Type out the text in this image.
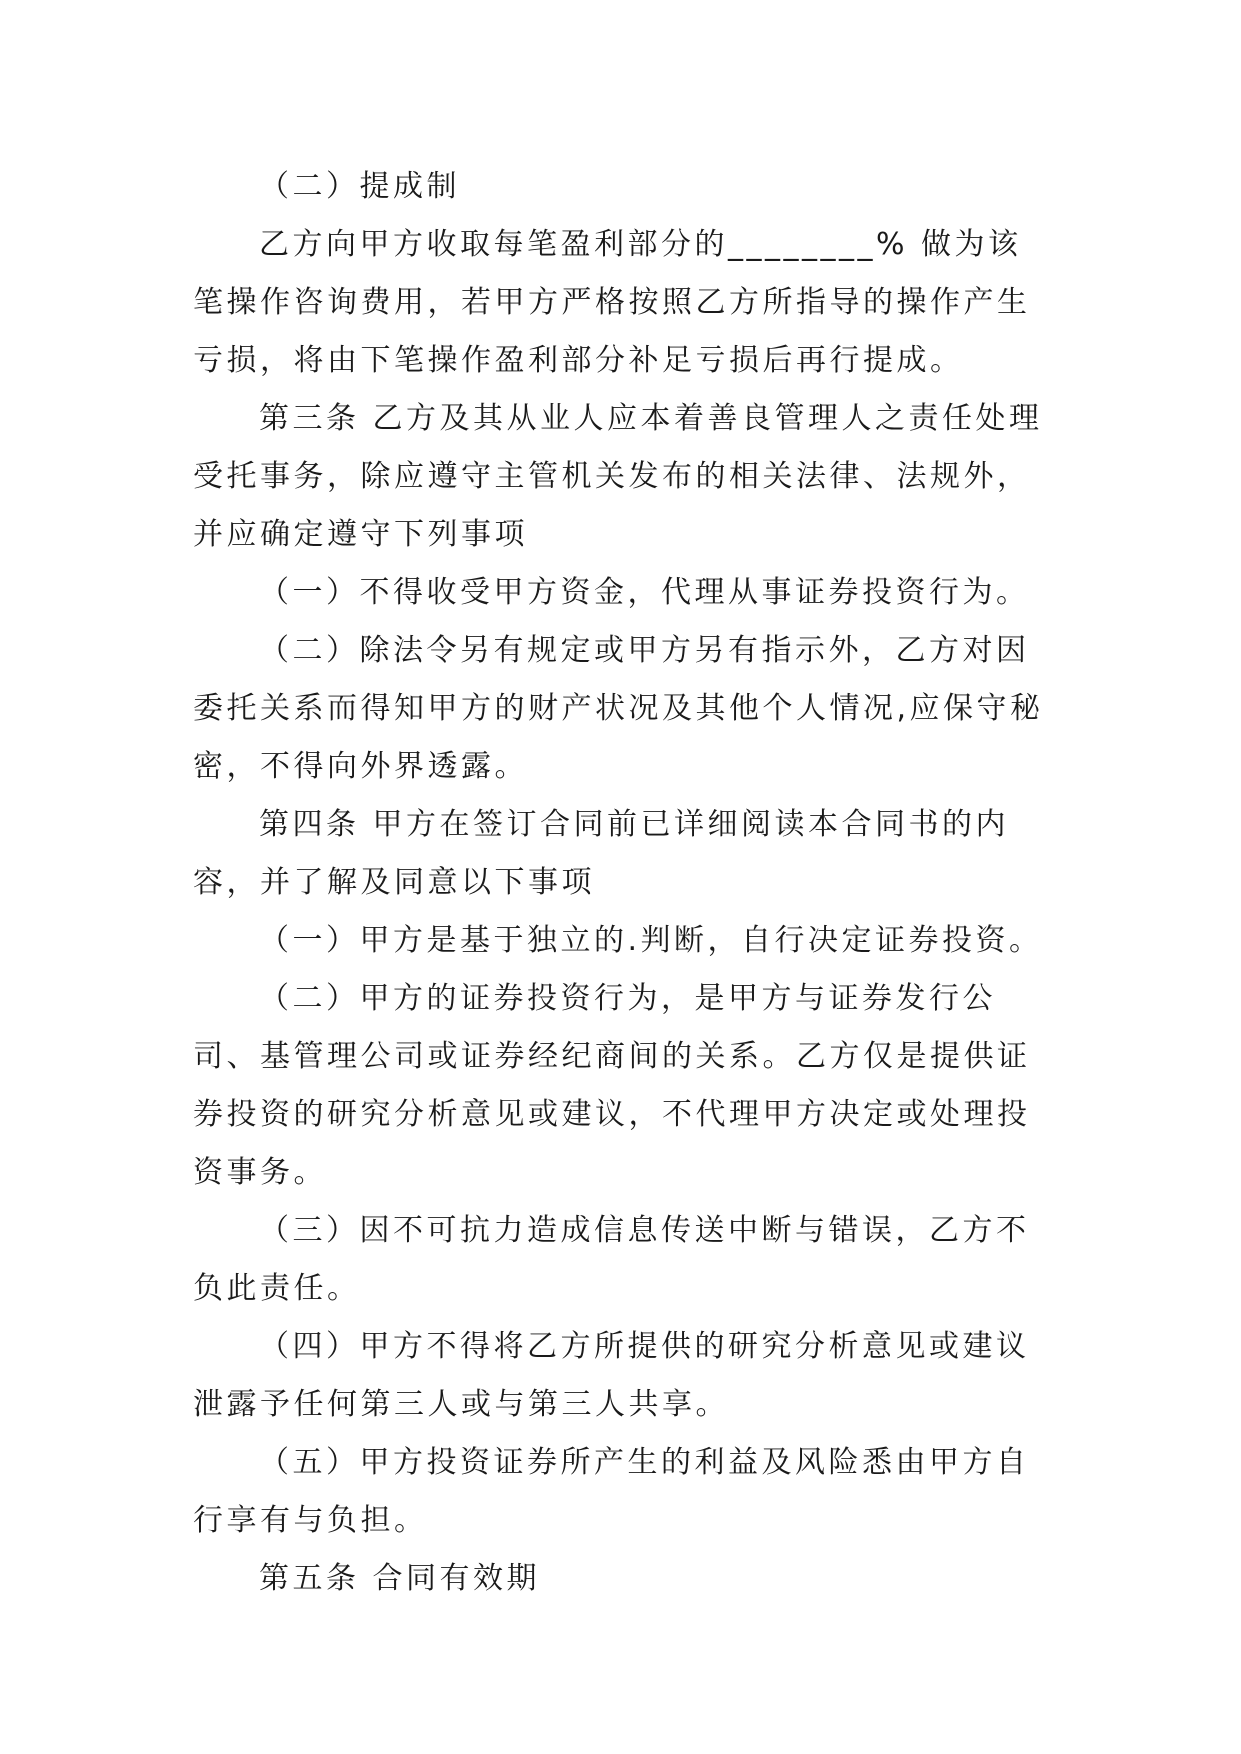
（二）提成制

乙方向甲方收取每笔盈利部分的________% 做为该笔操作咨询费用，若甲方严格按照乙方所指导的操作产生亏损，将由下笔操作盈利部分补足亏损后再行提成。

第三条 乙方及其从业人应本着善良管理人之责任处理受托事务，除应遵守主管机关发布的相关法律、法规外，并应确定遵守下列事项

（一）不得收受甲方资金，代理从事证券投资行为。

（二）除法令另有规定或甲方另有指示外，乙方对因委托关系而得知甲方的财产状况及其他个人情况,应保守秘密，不得向外界透露。

第四条 甲方在签订合同前已详细阅读本合同书的内容，并了解及同意以下事项

（一）甲方是基于独立的.判断，自行决定证券投资。

（二）甲方的证券投资行为，是甲方与证券发行公司、基管理公司或证券经纪商间的关系。乙方仅是提供证券投资的研究分析意见或建议，不代理甲方决定或处理投资事务。

（三）因不可抗力造成信息传送中断与错误，乙方不负此责任。

（四）甲方不得将乙方所提供的研究分析意见或建议泄露予任何第三人或与第三人共享。

（五）甲方投资证券所产生的利益及风险悉由甲方自行享有与负担。

第五条 合同有效期
